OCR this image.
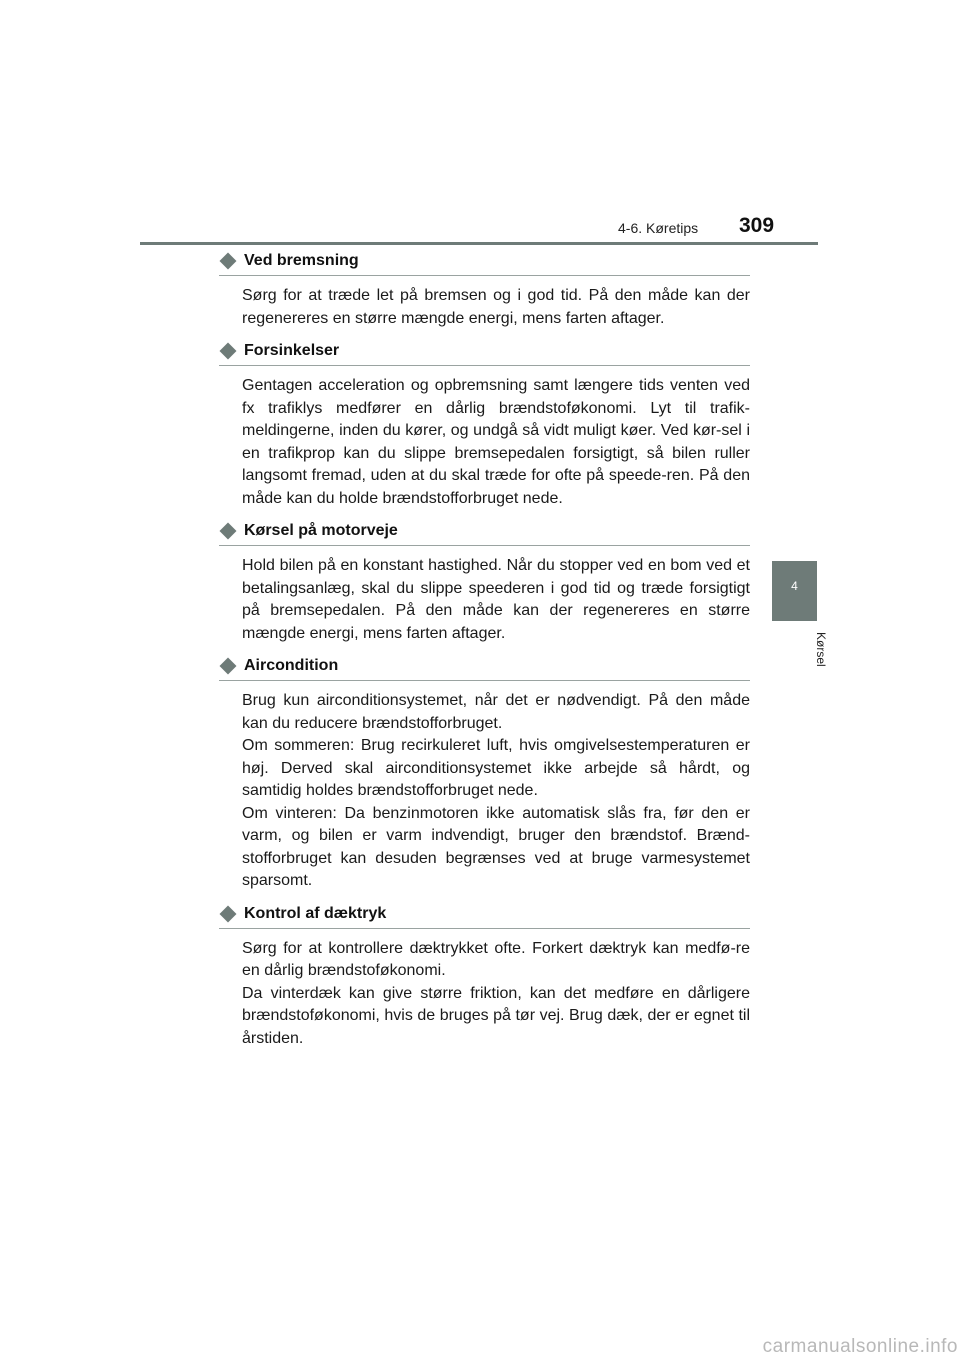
4-6. Køretips 309
4
Kørsel
Ved bremsning

Sørg for at træde let på bremsen og i god tid. På den måde kan der regenereres en større mængde energi, mens farten aftager.

Forsinkelser

Gentagen acceleration og opbremsning samt længere tids venten ved fx trafiklys medfører en dårlig brændstoføkonomi. Lyt til trafik-meldingerne, inden du kører, og undgå så vidt muligt køer. Ved kør-sel i en trafikprop kan du slippe bremsepedalen forsigtigt, så bilen ruller langsomt fremad, uden at du skal træde for ofte på speede-ren. På den måde kan du holde brændstofforbruget nede.

Kørsel på motorveje

Hold bilen på en konstant hastighed. Når du stopper ved en bom ved et betalingsanlæg, skal du slippe speederen i god tid og træde forsigtigt på bremsepedalen. På den måde kan der regenereres en større mængde energi, mens farten aftager.

Aircondition

Brug kun airconditionsystemet, når det er nødvendigt. På den måde kan du reducere brændstofforbruget.

Om sommeren: Brug recirkuleret luft, hvis omgivelsestemperaturen er høj. Derved skal airconditionsystemet ikke arbejde så hårdt, og samtidig holdes brændstofforbruget nede.

Om vinteren: Da benzinmotoren ikke automatisk slås fra, før den er varm, og bilen er varm indvendigt, bruger den brændstof. Brænd-stofforbruget kan desuden begrænses ved at bruge varmesystemet sparsomt.

Kontrol af dæktryk

Sørg for at kontrollere dæktrykket ofte. Forkert dæktryk kan medfø-re en dårlig brændstoføkonomi.

Da vinterdæk kan give større friktion, kan det medføre en dårligere brændstoføkonomi, hvis de bruges på tør vej. Brug dæk, der er egnet til årstiden.

carmanualsonline.info
